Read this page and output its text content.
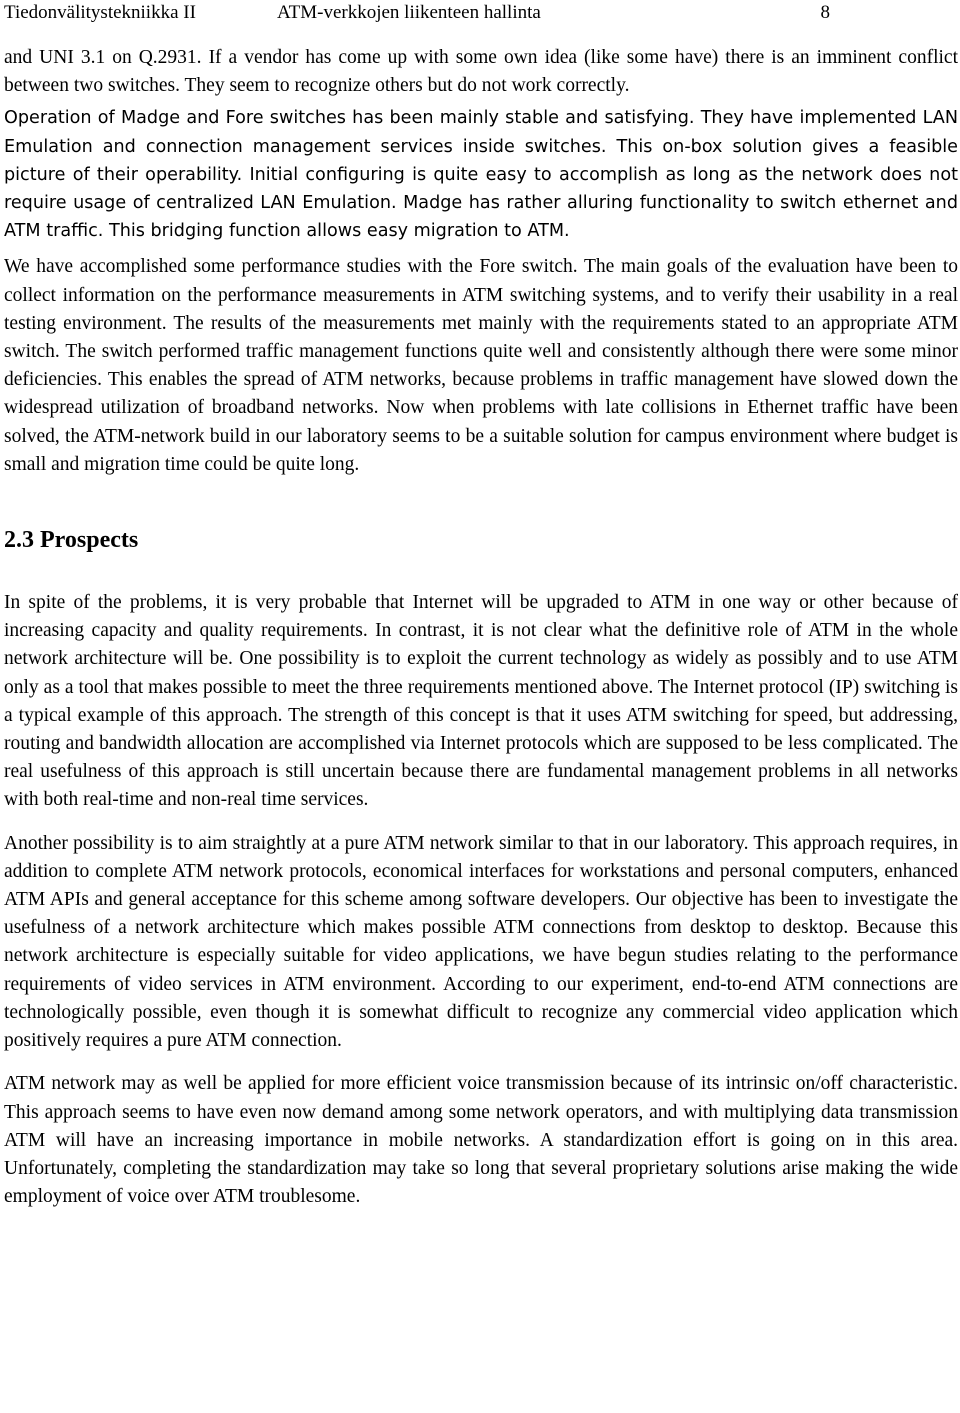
Tiedonvälitystekniikka II	ATM-verkkojen liikenteen hallinta	8

and UNI 3.1 on Q.2931. If a vendor has come up with some own idea (like some have) there is an imminent conflict between two switches. They seem to recognize others but do not work correctly.

Operation of Madge and Fore switches has been mainly stable and satisfying. They have implemented LAN Emulation and connection management services inside switches. This on-box solution gives a feasible picture of their operability. Initial configuring is quite easy to accomplish as long as the network does not require usage of centralized LAN Emulation. Madge has rather alluring functionality to switch ethernet and ATM traffic. This bridging function allows easy migration to ATM.

We have accomplished some performance studies with the Fore switch. The main goals of the evaluation have been to collect information on the performance measurements in ATM switching systems, and to verify their usability in a real testing environment. The results of the measurements met mainly with the requirements stated to an appropriate ATM switch. The switch performed traffic management functions quite well and consistently although there were some minor deficiencies. This enables the spread of ATM networks, because problems in traffic management have slowed down the widespread utilization of broadband networks. Now when problems with late collisions in Ethernet traffic have been solved, the ATM-network build in our laboratory seems to be a suitable solution for campus environment where budget is small and migration time could be quite long.

2.3 Prospects

In spite of the problems, it is very probable that Internet will be upgraded to ATM in one way or other because of increasing capacity and quality requirements. In contrast, it is not clear what the definitive role of ATM in the whole network architecture will be. One possibility is to exploit the current technology as widely as possibly and to use ATM only as a tool that makes possible to meet the three requirements mentioned above. The Internet protocol (IP) switching is a typical example of this approach. The strength of this concept is that it uses ATM switching for speed, but addressing, routing and bandwidth allocation are accomplished via Internet protocols which are supposed to be less complicated. The real usefulness of this approach is still uncertain because there are fundamental management problems in all networks with both real-time and non-real time services.

Another possibility is to aim straightly at a pure ATM network similar to that in our laboratory. This approach requires, in addition to complete ATM network protocols, economical interfaces for workstations and personal computers, enhanced ATM APIs and general acceptance for this scheme among software developers. Our objective has been to investigate the usefulness of a network architecture which makes possible ATM connections from desktop to desktop. Because this network architecture is especially suitable for video applications, we have begun studies relating to the performance requirements of video services in ATM environment. According to our experiment, end-to-end ATM connections are technologically possible, even though it is somewhat difficult to recognize any commercial video application which positively requires a pure ATM connection.

ATM network may as well be applied for more efficient voice transmission because of its intrinsic on/off characteristic. This approach seems to have even now demand among some network operators, and with multiplying data transmission ATM will have an increasing importance in mobile networks. A standardization effort is going on in this area. Unfortunately, completing the standardization may take so long that several proprietary solutions arise making the wide employment of voice over ATM troublesome.
